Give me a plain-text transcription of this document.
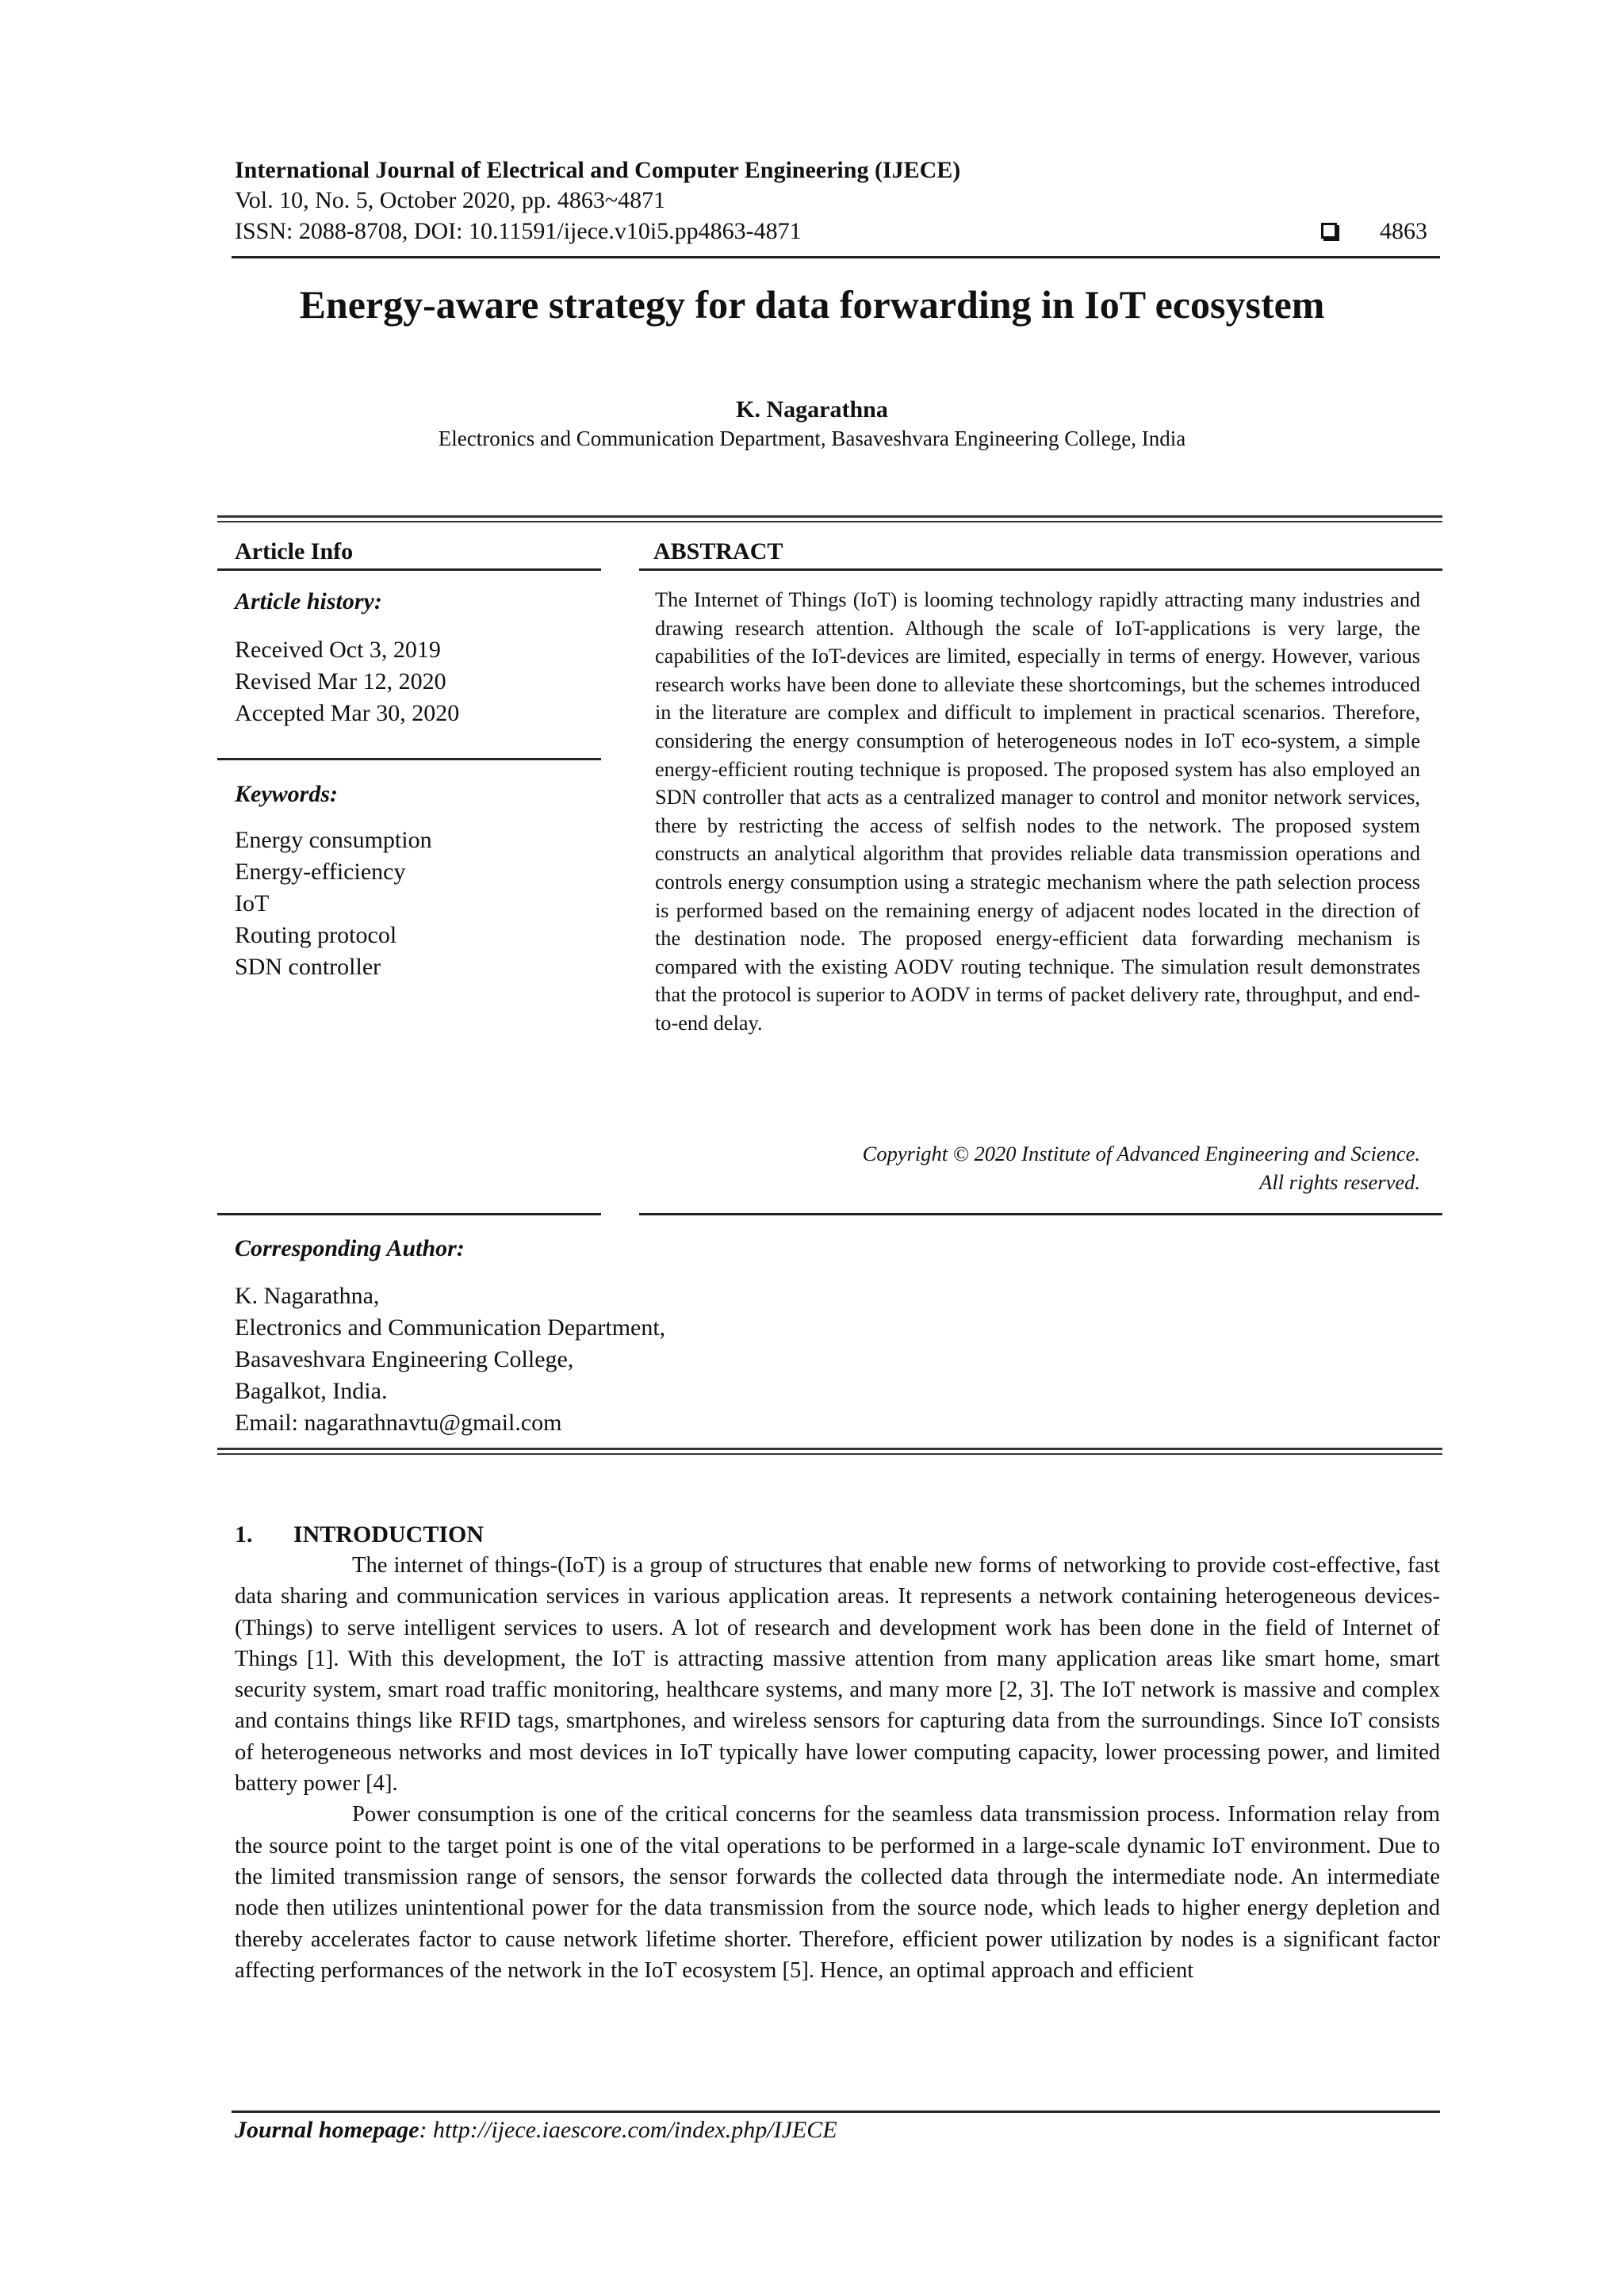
International Journal of Electrical and Computer Engineering (IJECE)
Vol. 10, No. 5, October 2020, pp. 4863~4871
ISSN: 2088-8708, DOI: 10.11591/ijece.v10i5.pp4863-4871	4863
Energy-aware strategy for data forwarding in IoT ecosystem
K. Nagarathna
Electronics and Communication Department, Basaveshvara Engineering College, India
Article Info	ABSTRACT
Article history:
Received Oct 3, 2019
Revised Mar 12, 2020
Accepted Mar 30, 2020
Keywords:
Energy consumption
Energy-efficiency
IoT
Routing protocol
SDN controller
The Internet of Things (IoT) is looming technology rapidly attracting many industries and drawing research attention. Although the scale of IoT-applications is very large, the capabilities of the IoT-devices are limited, especially in terms of energy. However, various research works have been done to alleviate these shortcomings, but the schemes introduced in the literature are complex and difficult to implement in practical scenarios. Therefore, considering the energy consumption of heterogeneous nodes in IoT eco-system, a simple energy-efficient routing technique is proposed. The proposed system has also employed an SDN controller that acts as a centralized manager to control and monitor network services, there by restricting the access of selfish nodes to the network. The proposed system constructs an analytical algorithm that provides reliable data transmission operations and controls energy consumption using a strategic mechanism where the path selection process is performed based on the remaining energy of adjacent nodes located in the direction of the destination node. The proposed energy-efficient data forwarding mechanism is compared with the existing AODV routing technique. The simulation result demonstrates that the protocol is superior to AODV in terms of packet delivery rate, throughput, and end-to-end delay.
Copyright © 2020 Institute of Advanced Engineering and Science.
All rights reserved.
Corresponding Author:
K. Nagarathna,
Electronics and Communication Department,
Basaveshvara Engineering College,
Bagalkot, India.
Email: nagarathnavtu@gmail.com
1. INTRODUCTION

The internet of things-(IoT) is a group of structures that enable new forms of networking to provide cost-effective, fast data sharing and communication services in various application areas. It represents a network containing heterogeneous devices-(Things) to serve intelligent services to users. A lot of research and development work has been done in the field of Internet of Things [1]. With this development, the IoT is attracting massive attention from many application areas like smart home, smart security system, smart road traffic monitoring, healthcare systems, and many more [2, 3]. The IoT network is massive and complex and contains things like RFID tags, smartphones, and wireless sensors for capturing data from the surroundings. Since IoT consists of heterogeneous networks and most devices in IoT typically have lower computing capacity, lower processing power, and limited battery power [4].

Power consumption is one of the critical concerns for the seamless data transmission process. Information relay from the source point to the target point is one of the vital operations to be performed in a large-scale dynamic IoT environment. Due to the limited transmission range of sensors, the sensor forwards the collected data through the intermediate node. An intermediate node then utilizes unintentional power for the data transmission from the source node, which leads to higher energy depletion and thereby accelerates factor to cause network lifetime shorter. Therefore, efficient power utilization by nodes is a significant factor affecting performances of the network in the IoT ecosystem [5]. Hence, an optimal approach and efficient

Journal homepage: http://ijece.iaescore.com/index.php/IJECE
